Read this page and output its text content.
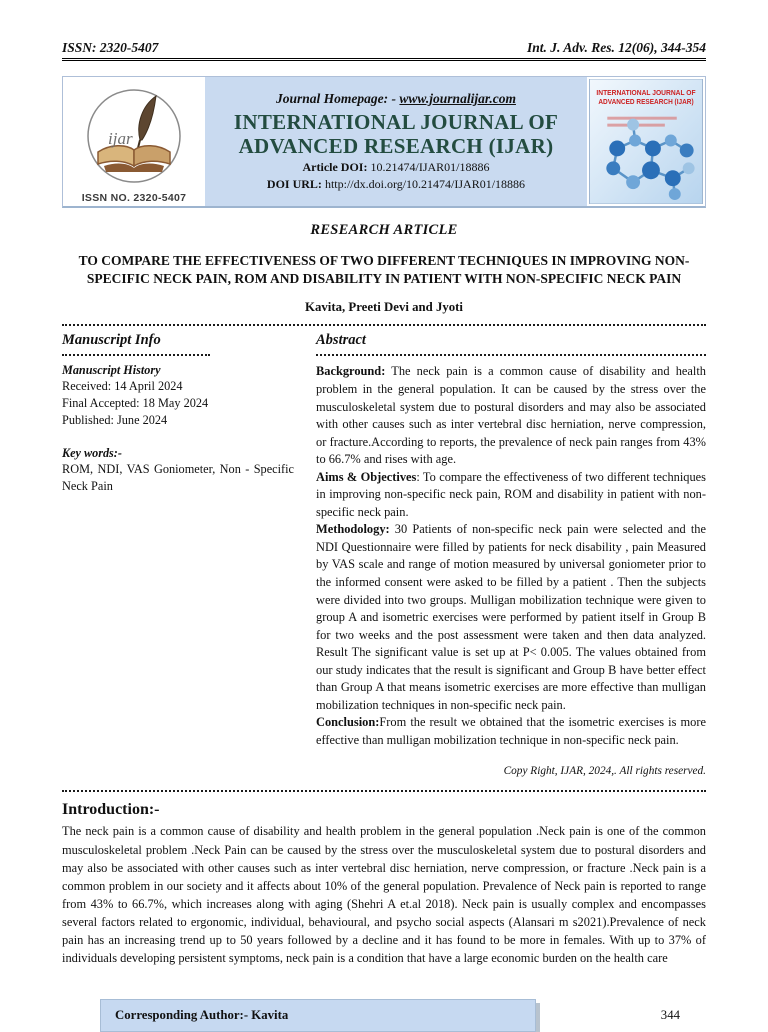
ISSN: 2320-5407	Int. J. Adv. Res. 12(06), 344-354
ijar
ISSN NO. 2320-5407
Journal Homepage: - www.journalijar.com
INTERNATIONAL JOURNAL OF
ADVANCED RESEARCH (IJAR)
Article DOI: 10.21474/IJAR01/18886
DOI URL: http://dx.doi.org/10.21474/IJAR01/18886
INTERNATIONAL JOURNAL OF
ADVANCED RESEARCH (IJAR)
RESEARCH ARTICLE
TO COMPARE THE EFFECTIVENESS OF TWO DIFFERENT TECHNIQUES IN IMPROVING NON-SPECIFIC NECK PAIN, ROM AND DISABILITY IN PATIENT WITH NON-SPECIFIC NECK PAIN
Kavita, Preeti Devi and Jyoti
Manuscript Info
Manuscript History
Received: 14 April 2024
Final Accepted: 18 May 2024
Published: June 2024
Key words:-
ROM, NDI, VAS Goniometer, Non - Specific Neck Pain
Abstract

Background: The neck pain is a common cause of disability and health problem in the general population. It can be caused by the stress over the musculoskeletal system due to postural disorders and may also be associated with other causes such as inter vertebral disc herniation, nerve compression, or fracture.According to reports, the prevalence of neck pain ranges from 43% to 66.7% and rises with age.

Aims & Objectives: To compare the effectiveness of two different techniques in improving non-specific neck pain, ROM and disability in patient with non-specific neck pain.

Methodology: 30 Patients of non-specific neck pain were selected and the NDI Questionnaire were filled by patients for neck disability , pain Measured by VAS scale and range of motion measured by universal goniometer prior to the informed consent were asked to be filled by a patient . Then the subjects were divided into two groups. Mulligan mobilization technique were given to group A and isometric exercises were performed by patient itself in Group B for two weeks and the post assessment were taken and then data analyzed. Result The significant value is set up at P< 0.005. The values obtained from our study indicates that the result is significant and Group B have better effect than Group A that means isometric exercises are more effective than mulligan mobilization techniques in non-specific neck pain.

Conclusion:From the result we obtained that the isometric exercises is more effective than mulligan mobilization technique in non-specific neck pain.

Copy Right, IJAR, 2024,. All rights reserved.
Introduction:-
The neck pain is a common cause of disability and health problem in the general population .Neck pain is one of the common musculoskeletal problem .Neck Pain can be caused by the stress over the musculoskeletal system due to postural disorders and may also be associated with other causes such as inter vertebral disc herniation, nerve compression, or fracture .Neck pain is a common problem in our society and it affects about 10% of the general population. Prevalence of Neck pain is reported to range from 43% to 66.7%, which increases along with aging (Shehri A et.al 2018). Neck pain is usually complex and encompasses several factors related to ergonomic, individual, behavioural, and psycho social aspects (Alansari m s2021).Prevalence of neck pain has an increasing trend up to 50 years followed by a decline and it has found to be more in females. With up to 37% of individuals developing persistent symptoms, neck pain is a condition that have a large economic burden on the health care
Corresponding Author:- Kavita	344
